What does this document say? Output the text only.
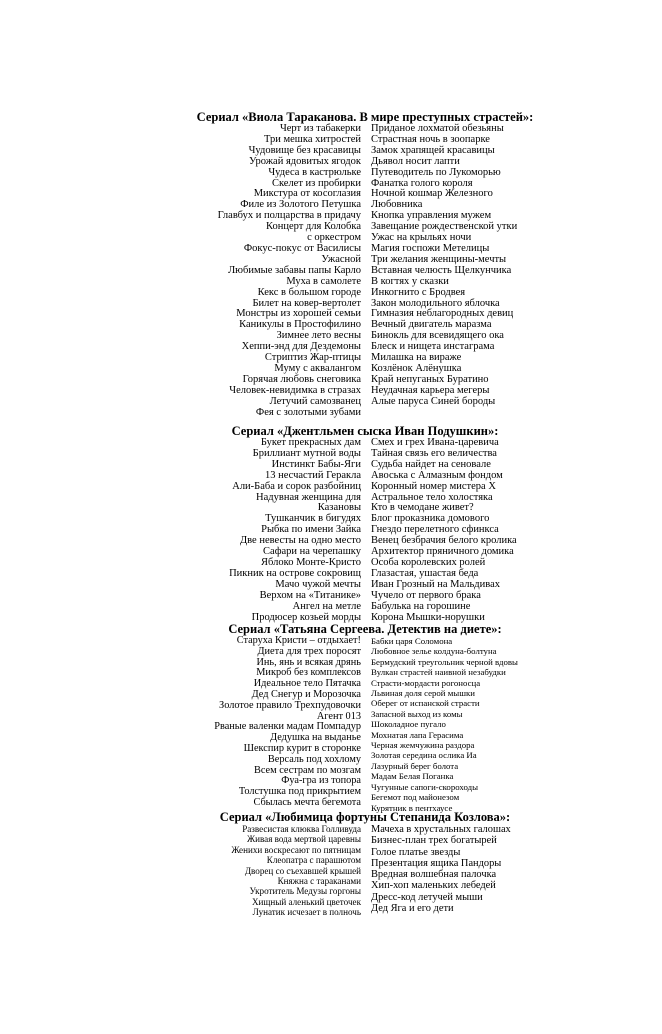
Сериал «Виола Тараканова. В мире преступных страстей»:
Черт из табакерки
Три мешка хитростей
Чудовище без красавицы
Урожай ядовитых ягодок
Чудеса в кастрюльке
Скелет из пробирки
Микстура от косоглазия
Филе из Золотого Петушка
Главбух и полцарства в придачу
Концерт для Колобка
с оркестром
Фокус-покус от Василисы
Ужасной
Любимые забавы папы Карло
Муха в самолете
Кекс в большом городе
Билет на ковер-вертолет
Монстры из хорошей семьи
Каникулы в Простофилино
Зимнее лето весны
Хеппи-энд для Дездемоны
Стриптиз Жар-птицы
Муму с аквалангом
Горячая любовь снеговика
Человек-невидимка в стразах
Летучий самозванец
Фея с золотыми зубами
Приданое лохматой обезьяны
Страстная ночь в зоопарке
Замок храпящей красавицы
Дьявол носит лапти
Путеводитель по Лукоморью
Фанатка голого короля
Ночной кошмар Железного
Любовника
Кнопка управления мужем
Завещание рождественской утки
Ужас на крыльях ночи
Магия госпожи Метелицы
Три желания женщины-мечты
Вставная челюсть Щелкунчика
В когтях у сказки
Инкогнито с Бродвея
Закон молодильного яблочка
Гимназия неблагородных девиц
Вечный двигатель маразма
Бинокль для всевидящего ока
Блеск и нищета инстаграма
Милашка на вираже
Козлёнок Алёнушка
Край непуганых Буратино
Неудачная карьера мегеры
Алые паруса Синей бороды
Сериал «Джентльмен сыска Иван Подушкин»:
Букет прекрасных дам
Бриллиант мутной воды
Инстинкт Бабы-Яги
13 несчастий Геракла
Али-Баба и сорок разбойниц
Надувная женщина для
Казановы
Тушканчик в бигудях
Рыбка по имени Зайка
Две невесты на одно место
Сафари на черепашку
Яблоко Монте-Кристо
Пикник на острове сокровищ
Мачо чужой мечты
Верхом на «Титанике»
Ангел на метле
Продюсер козьей морды
Смех и грех Ивана-царевича
Тайная связь его величества
Судьба найдет на сеновале
Авоська с Алмазным фондом
Коронный номер мистера Х
Астральное тело холостяка
Кто в чемодане живет?
Блог проказника домового
Гнездо перелетного сфинкса
Венец безбрачия белого кролика
Архитектор пряничного домика
Особа королевских ролей
Глазастая, ушастая беда
Иван Грозный на Мальдивах
Чучело от первого брака
Бабулька на горошине
Корона Мышки-норушки
Сериал «Татьяна Сергеева. Детектив на диете»:
Старуха Кристи – отдыхает!
Диета для трех поросят
Инь, янь и всякая дрянь
Микроб без комплексов
Идеальное тело Пятачка
Дед Снегур и Морозочка
Золотое правило Трехпудовочки
Агент 013
Рваные валенки мадам Помпадур
Дедушка на выданье
Шекспир курит в сторонке
Версаль под хохлому
Всем сестрам по мозгам
Фуа-гра из топора
Толстушка под прикрытием
Сбылась мечта бегемота
Бабки царя Соломона
Любовное зелье колдуна-болтуна
Бермудский треугольник черной вдовы
Вулкан страстей наивной незабудки
Страсти-мордасти рогоносца
Львиная доля серой мышки
Оберег от испанской страсти
Запасной выход из комы
Шоколадное пугало
Мохнатая лапа Герасима
Черная жемчужина раздора
Золотая середина ослика Иа
Лазурный берег болота
Мадам Белая Поганка
Чугунные сапоги-скороходы
Бегемот под майонезом
Курятник в пентхаусе
Сериал «Любимица фортуны Степанида Козлова»:
Развесистая клюква Голливуда
Живая вода мертвой царевны
Женихи воскресают по пятницам
Клеопатра с парашютом
Дворец со съехавшей крышей
Княжна с тараканами
Укротитель Медузы горгоны
Хищный аленький цветочек
Лунатик исчезает в полночь
Мачеха в хрустальных галошах
Бизнес-план трех богатырей
Голое платье звезды
Презентация ящика Пандоры
Вредная волшебная палочка
Хип-хоп маленьких лебедей
Дресс-код летучей мыши
Дед Яга и его дети
